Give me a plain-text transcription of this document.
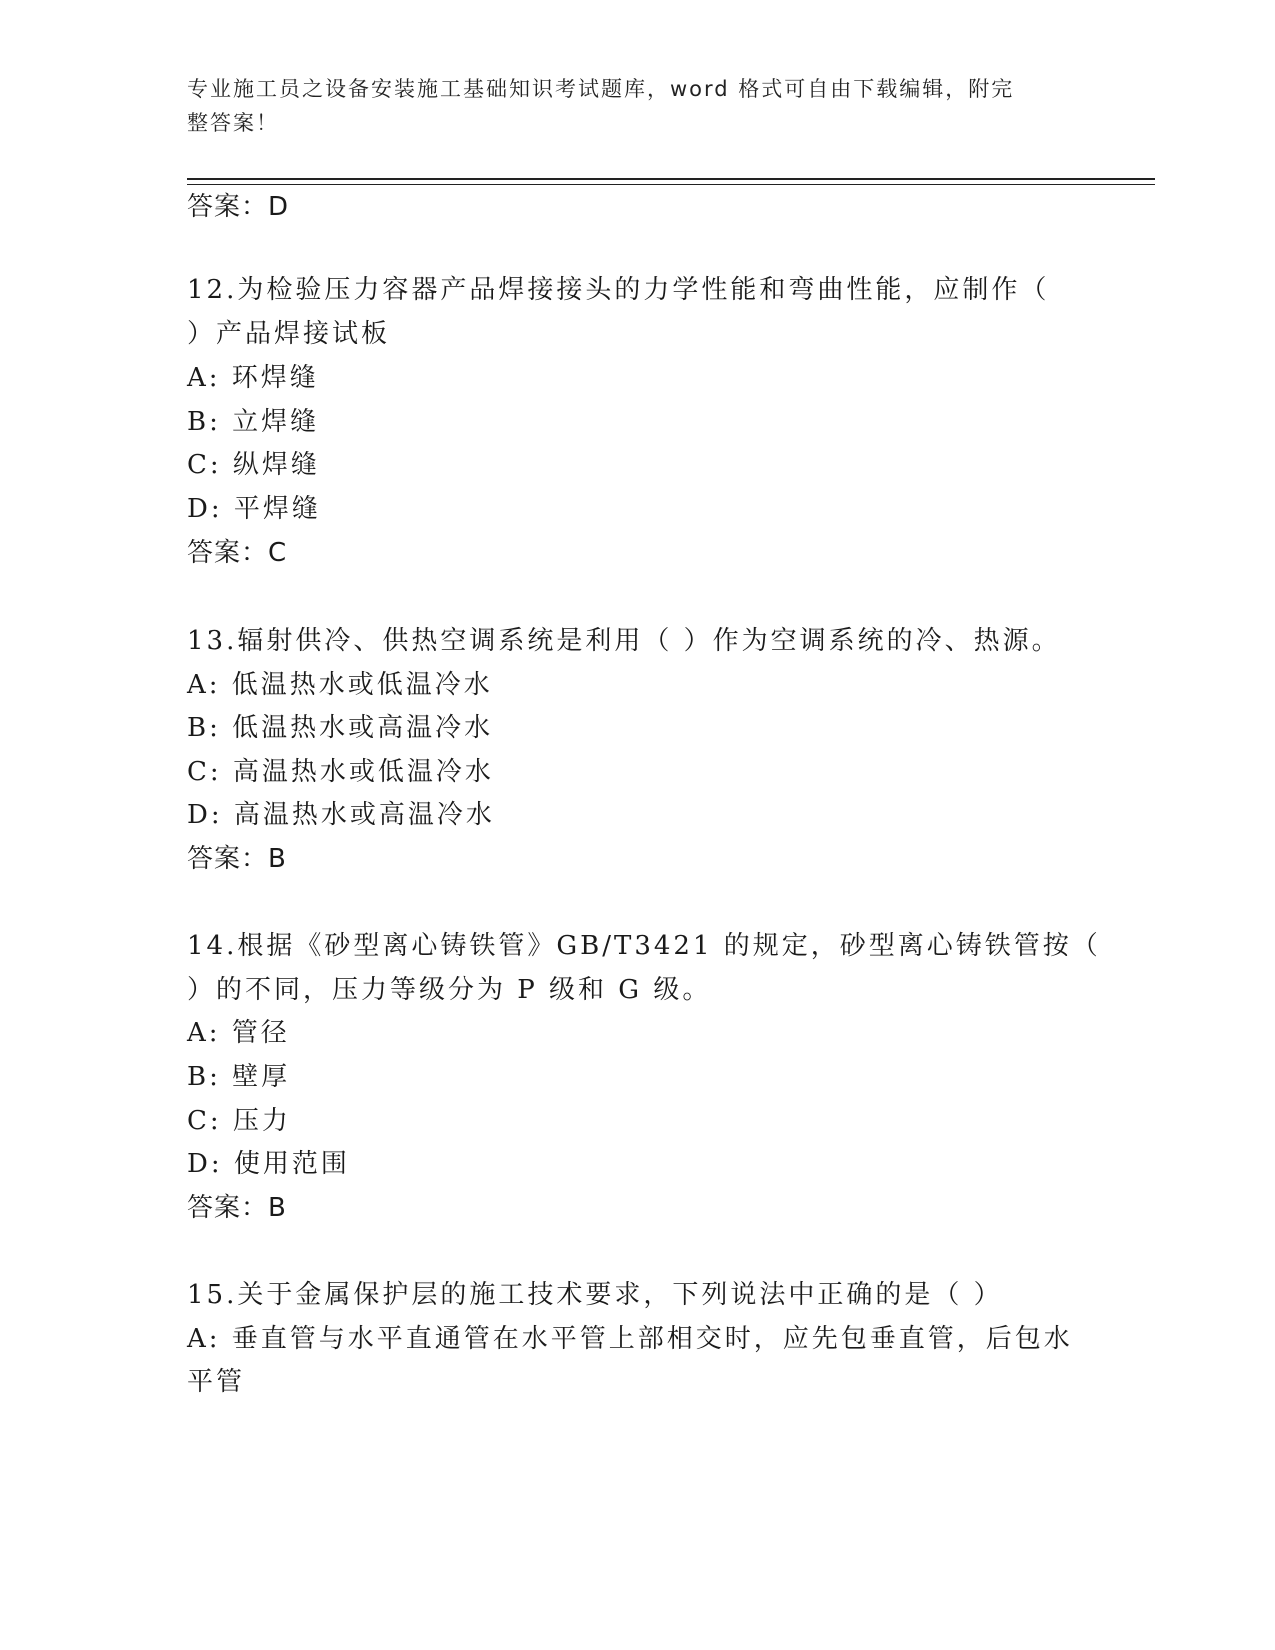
专业施工员之设备安装施工基础知识考试题库，word 格式可自由下载编辑，附完
整答案！
答案：D
12.为检验压力容器产品焊接接头的力学性能和弯曲性能，应制作（
）产品焊接试板
A: 环焊缝
B: 立焊缝
C: 纵焊缝
D: 平焊缝
答案：C
13.辐射供冷、供热空调系统是利用（ ）作为空调系统的冷、热源。
A: 低温热水或低温冷水
B: 低温热水或高温冷水
C: 高温热水或低温冷水
D: 高温热水或高温冷水
答案：B
14.根据《砂型离心铸铁管》GB/T3421 的规定，砂型离心铸铁管按（
）的不同，压力等级分为 P 级和 G 级。
A: 管径
B: 壁厚
C: 压力
D: 使用范围
答案：B
15.关于金属保护层的施工技术要求，下列说法中正确的是（ ）
A: 垂直管与水平直通管在水平管上部相交时，应先包垂直管，后包水
平管
